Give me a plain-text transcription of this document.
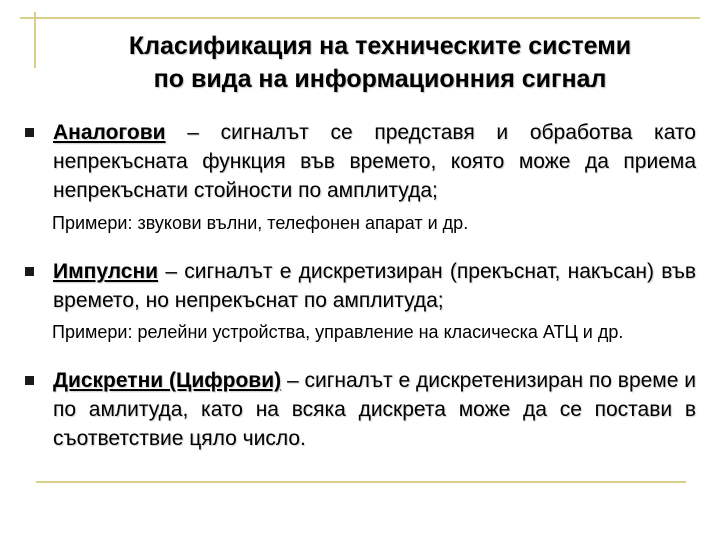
Класификация на техническите системи
по вида на информационния сигнал
Аналогови – сигналът се представя и обработва като непрекъсната функция във времето, която може да приема непрекъснати стойности по амплитуда;
Примери: звукови вълни, телефонен апарат и др.
Импулсни – сигналът е дискретизиран (прекъснат, накъсан) във времето, но непрекъснат по амплитуда;
Примери: релейни устройства, управление на класическа АТЦ и др.
Дискретни (Цифрови) – сигналът е дискретенизиран по време и по амлитуда, като на всяка дискрета може да се постави в съответствие цяло число.
